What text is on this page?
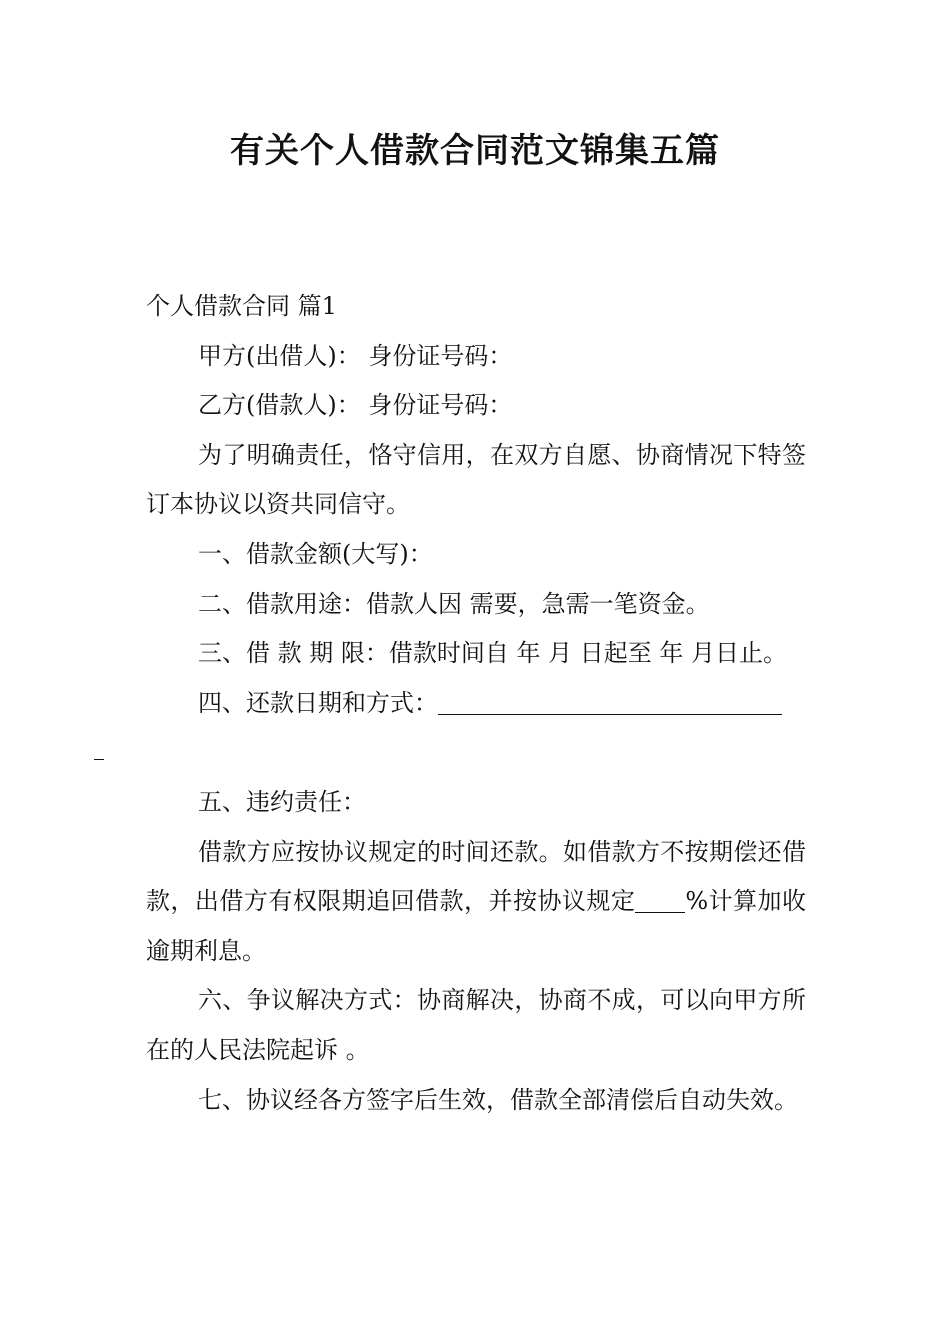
有关个人借款合同范文锦集五篇

个人借款合同 篇1

甲方(出借人)： 身份证号码：

乙方(借款人)： 身份证号码：

为了明确责任，恪守信用，在双方自愿、协商情况下特签订本协议以资共同信守。

一、借款金额(大写)：

二、借款用途：借款人因 需要，急需一笔资金。

三、借 款 期 限：借款时间自 年 月 日起至 年 月日止。

四、还款日期和方式：

五、违约责任：

借款方应按协议规定的时间还款。如借款方不按期偿还借款，出借方有权限期追回借款，并按协议规定 %计算加收逾期利息。

六、争议解决方式：协商解决，协商不成，可以向甲方所在的人民法院起诉 。

七、协议经各方签字后生效，借款全部清偿后自动失效。
